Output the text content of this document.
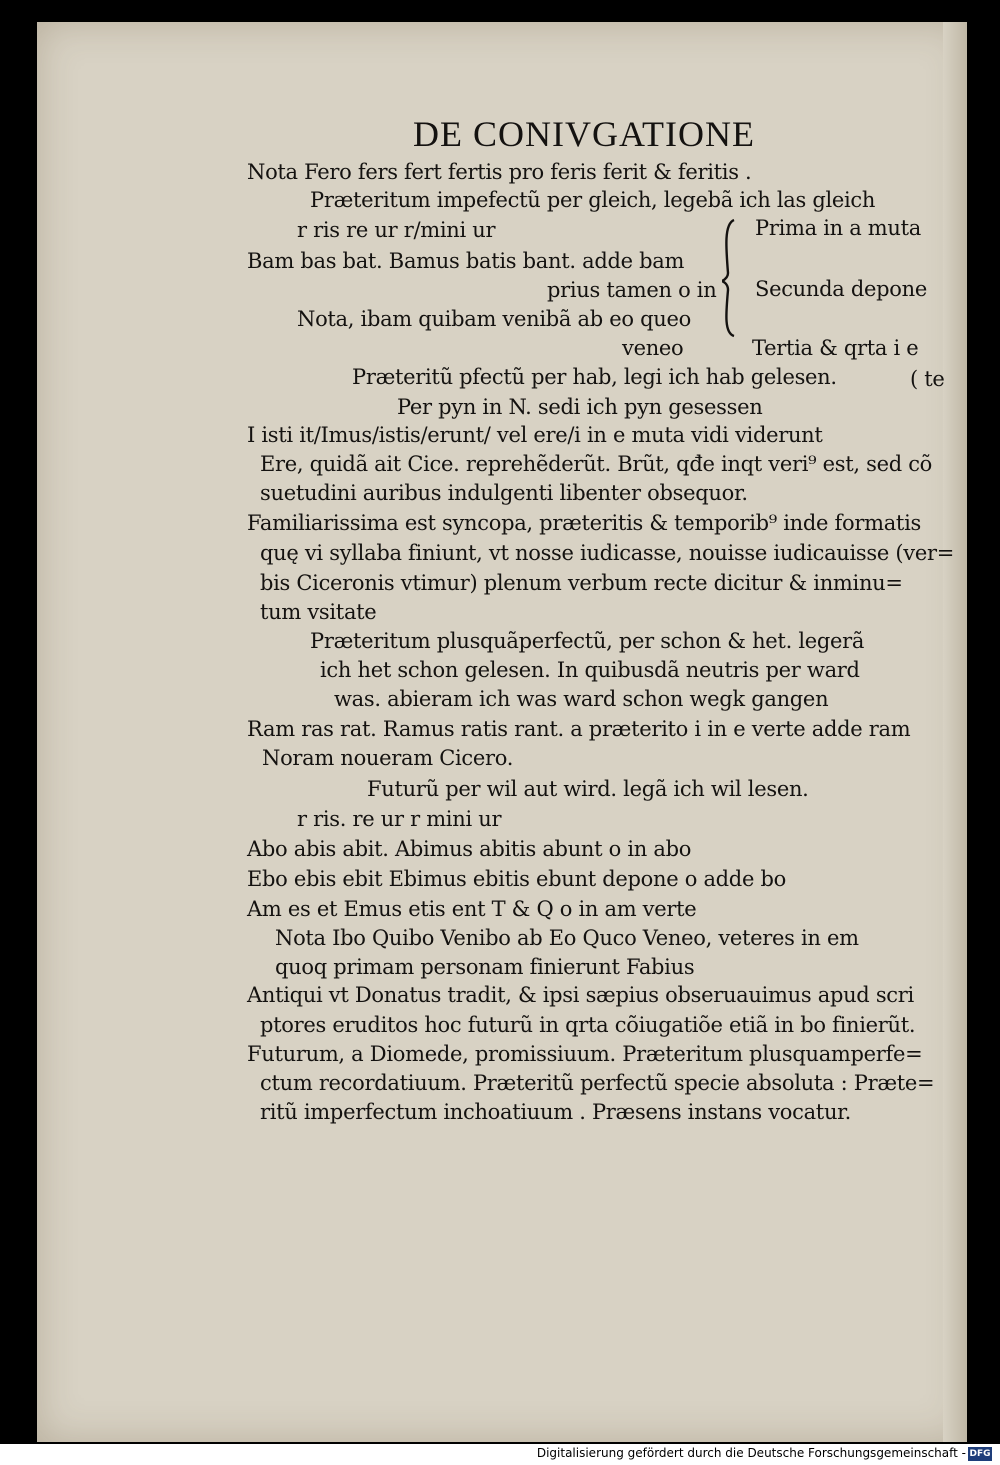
DE CONIVGATIONE
Nota Fero fers fert fertis pro feris ferit & feritis .
Præteritum impefectũ per gleich, legebã ich las gleich
r ris re ur r/mini ur	Prima in a muta
Bam bas bat. Bamus batis bant. adde bam
prius tamen o in Secunda depone
Nota, ibam quibam venibã ab eo queo
veneo	Tertia & qrta i e
Præteritũ pfectũ per hab, legi ich hab gelesen.	( te
Per pyn in N. sedi ich pyn gesessen
I isti it/Imus/istis/erunt/ vel ere/i in e muta vidi viderunt
Ere, quidã ait Cice. reprehẽderũt. Brũt, qđe inqt veri⁹ est, sed cõ
suetudini auribus indulgenti libenter obsequor.
Familiarissima est syncopa, præteritis & temporib⁹ inde formatis
quę vi syllaba finiunt, vt nosse iudicasse, nouisse iudicauisse (ver=
bis Ciceronis vtimur) plenum verbum recte dicitur & inminu=
tum vsitate
Præteritum plusquãperfectũ, per schon & het. legerã
ich het schon gelesen. In quibusdã neutris per ward
was. abieram ich was ward schon wegk gangen
Ram ras rat. Ramus ratis rant. a præterito i in e verte adde ram
Noram noueram Cicero.
Futurũ per wil aut wird. legã ich wil lesen.
r ris. re ur r mini ur
Abo abis abit. Abimus abitis abunt o in abo
Ebo ebis ebit Ebimus ebitis ebunt depone o adde bo
Am es et Emus etis ent T & Q o in am verte
Nota Ibo Quibo Venibo ab Eo Quco Veneo, veteres in em
quoq primam personam finierunt Fabius
Antiqui vt Donatus tradit, & ipsi sæpius obseruauimus apud scri
ptores eruditos hoc futurũ in qrta cõiugatiõe etiã in bo finierũt.
Futurum, a Diomede, promissiuum. Præteritum plusquamperfe=
ctum recordatiuum. Præteritũ perfectũ specie absoluta : Præte=
ritũ imperfectum inchoatiuum . Præsens instans vocatur.
Digitalisierung gefördert durch die Deutsche Forschungsgemeinschaft - DFG
